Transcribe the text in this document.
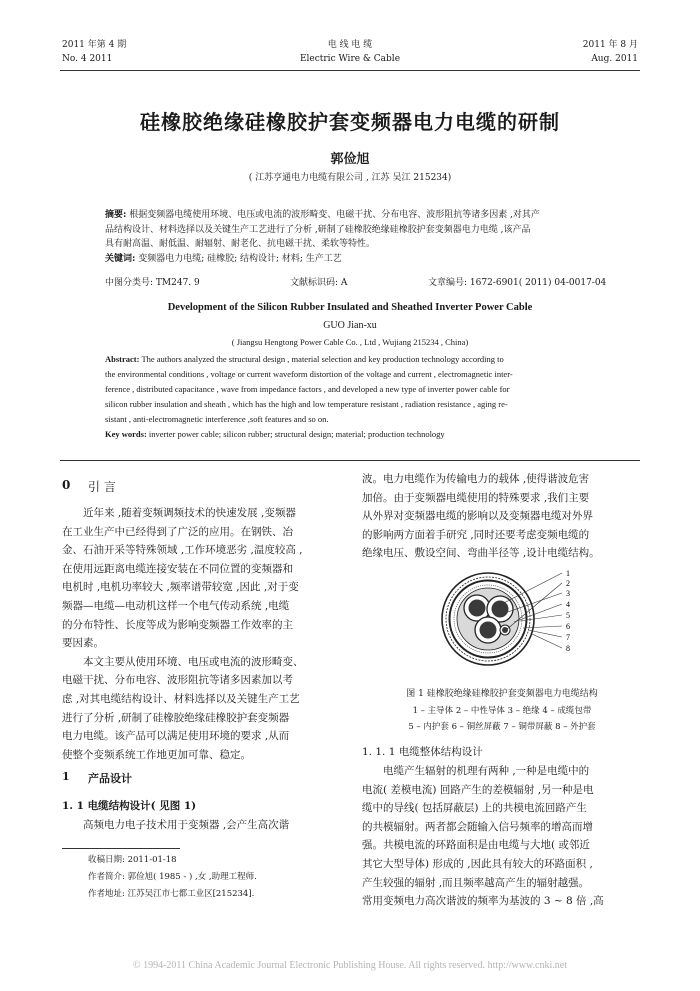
2011 年第 4 期
No. 4 2011
电 线 电 缆
Electric Wire & Cable
2011 年 8 月
Aug. 2011
硅橡胶绝缘硅橡胶护套变频器电力电缆的研制
郭俭旭
( 江苏亨通电力电缆有限公司 , 江苏 吴江 215234)
摘要: 根据变频器电缆使用环境、电压或电流的波形畸变、电磁干扰、分布电容、波形阻抗等诸多因素 ,对其产
品结构设计、材料选择以及关键生产工艺进行了分析 ,研制了硅橡胶绝缘硅橡胶护套变频器电力电缆 ,该产品
具有耐高温、耐低温、耐辐射、耐老化、抗电磁干扰、柔软等特性。
关键词: 变频器电力电缆; 硅橡胶; 结构设计; 材料; 生产工艺
中图分类号: TM247. 9	文献标识码: A	文章编号: 1672-6901( 2011) 04-0017-04
Development of the Silicon Rubber Insulated and Sheathed Inverter Power Cable
GUO Jian-xu
( Jiangsu Hengtong Power Cable Co. , Ltd , Wujiang 215234 , China)
Abstract: The authors analyzed the structural design , material selection and key production technology according to
the environmental conditions , voltage or current waveform distortion of the voltage and current , electromagnetic inter-
ference , distributed capacitance , wave from impedance factors , and developed a new type of inverter power cable for
silicon rubber insulation and sheath , which has the high and low temperature resistant , radiation resistance , aging re-
sistant , anti-electromagnetic interference ,soft features and so on.
Key words: inverter power cable; silicon rubber; structural design; material; production technology
0 引 言
近年来 ,随着变频调频技术的快速发展 ,变频器
在工业生产中已经得到了广泛的应用。在钢铁、冶
金、石油开采等特殊领域 ,工作环境恶劣 ,温度较高 ,
在使用远距离电缆连接安装在不同位置的变频器和
电机时 ,电机功率较大 ,频率谱带较宽 ,因此 ,对于变
频器—电缆—电动机这样一个电气传动系统 ,电缆
的分布特性、长度等成为影响变频器工作效率的主
要因素。
本文主要从使用环境、电压或电流的波形畸变、
电磁干扰、分布电容、波形阻抗等诸多因素加以考
虑 ,对其电缆结构设计、材料选择以及关键生产工艺
进行了分析 ,研制了硅橡胶绝缘硅橡胶护套变频器
电力电缆。该产品可以满足使用环境的要求 ,从而
使整个变频系统工作地更加可靠、稳定。
1 产品设计
1. 1 电缆结构设计( 见图 1)
高频电力电子技术用于变频器 ,会产生高次谐
收稿日期: 2011-01-18
作者简介: 郭俭旭( 1985 - ) ,女 ,助理工程师.
作者地址: 江苏吴江市七都工业区[215234].
波。电力电缆作为传输电力的载体 ,使得谐波危害
加倍。由于变频器电缆使用的特殊要求 ,我们主要
从外界对变频器电缆的影响以及变频器电缆对外界
的影响两方面着手研究 ,同时还要考虑变频电缆的
绝缘电压、敷设空间、弯曲半径等 ,设计电缆结构。
1
2
3
4
5
6
7
8
图 1 硅橡胶绝缘硅橡胶护套变频器电力电缆结构
1 – 主导体 2 – 中性导体 3 – 绝缘 4 – 成缆包带
5 – 内护套 6 – 铜丝屏蔽 7 – 铜带屏蔽 8 – 外护套
1. 1. 1 电缆整体结构设计
电缆产生辐射的机理有两种 ,一种是电缆中的
电流( 差模电流) 回路产生的差模辐射 ,另一种是电
缆中的导线( 包括屏蔽层) 上的共模电流回路产生
的共模辐射。两者都会随输入信号频率的增高而增
强。共模电流的环路面积是由电缆与大地( 或邻近
其它大型导体) 形成的 ,因此具有较大的环路面积 ,
产生较强的辐射 ,而且频率越高产生的辐射越强。
常用变频电力高次谐波的频率为基波的 3 ~ 8 倍 ,高
© 1994-2011 China Academic Journal Electronic Publishing House. All rights reserved. http://www.cnki.net
